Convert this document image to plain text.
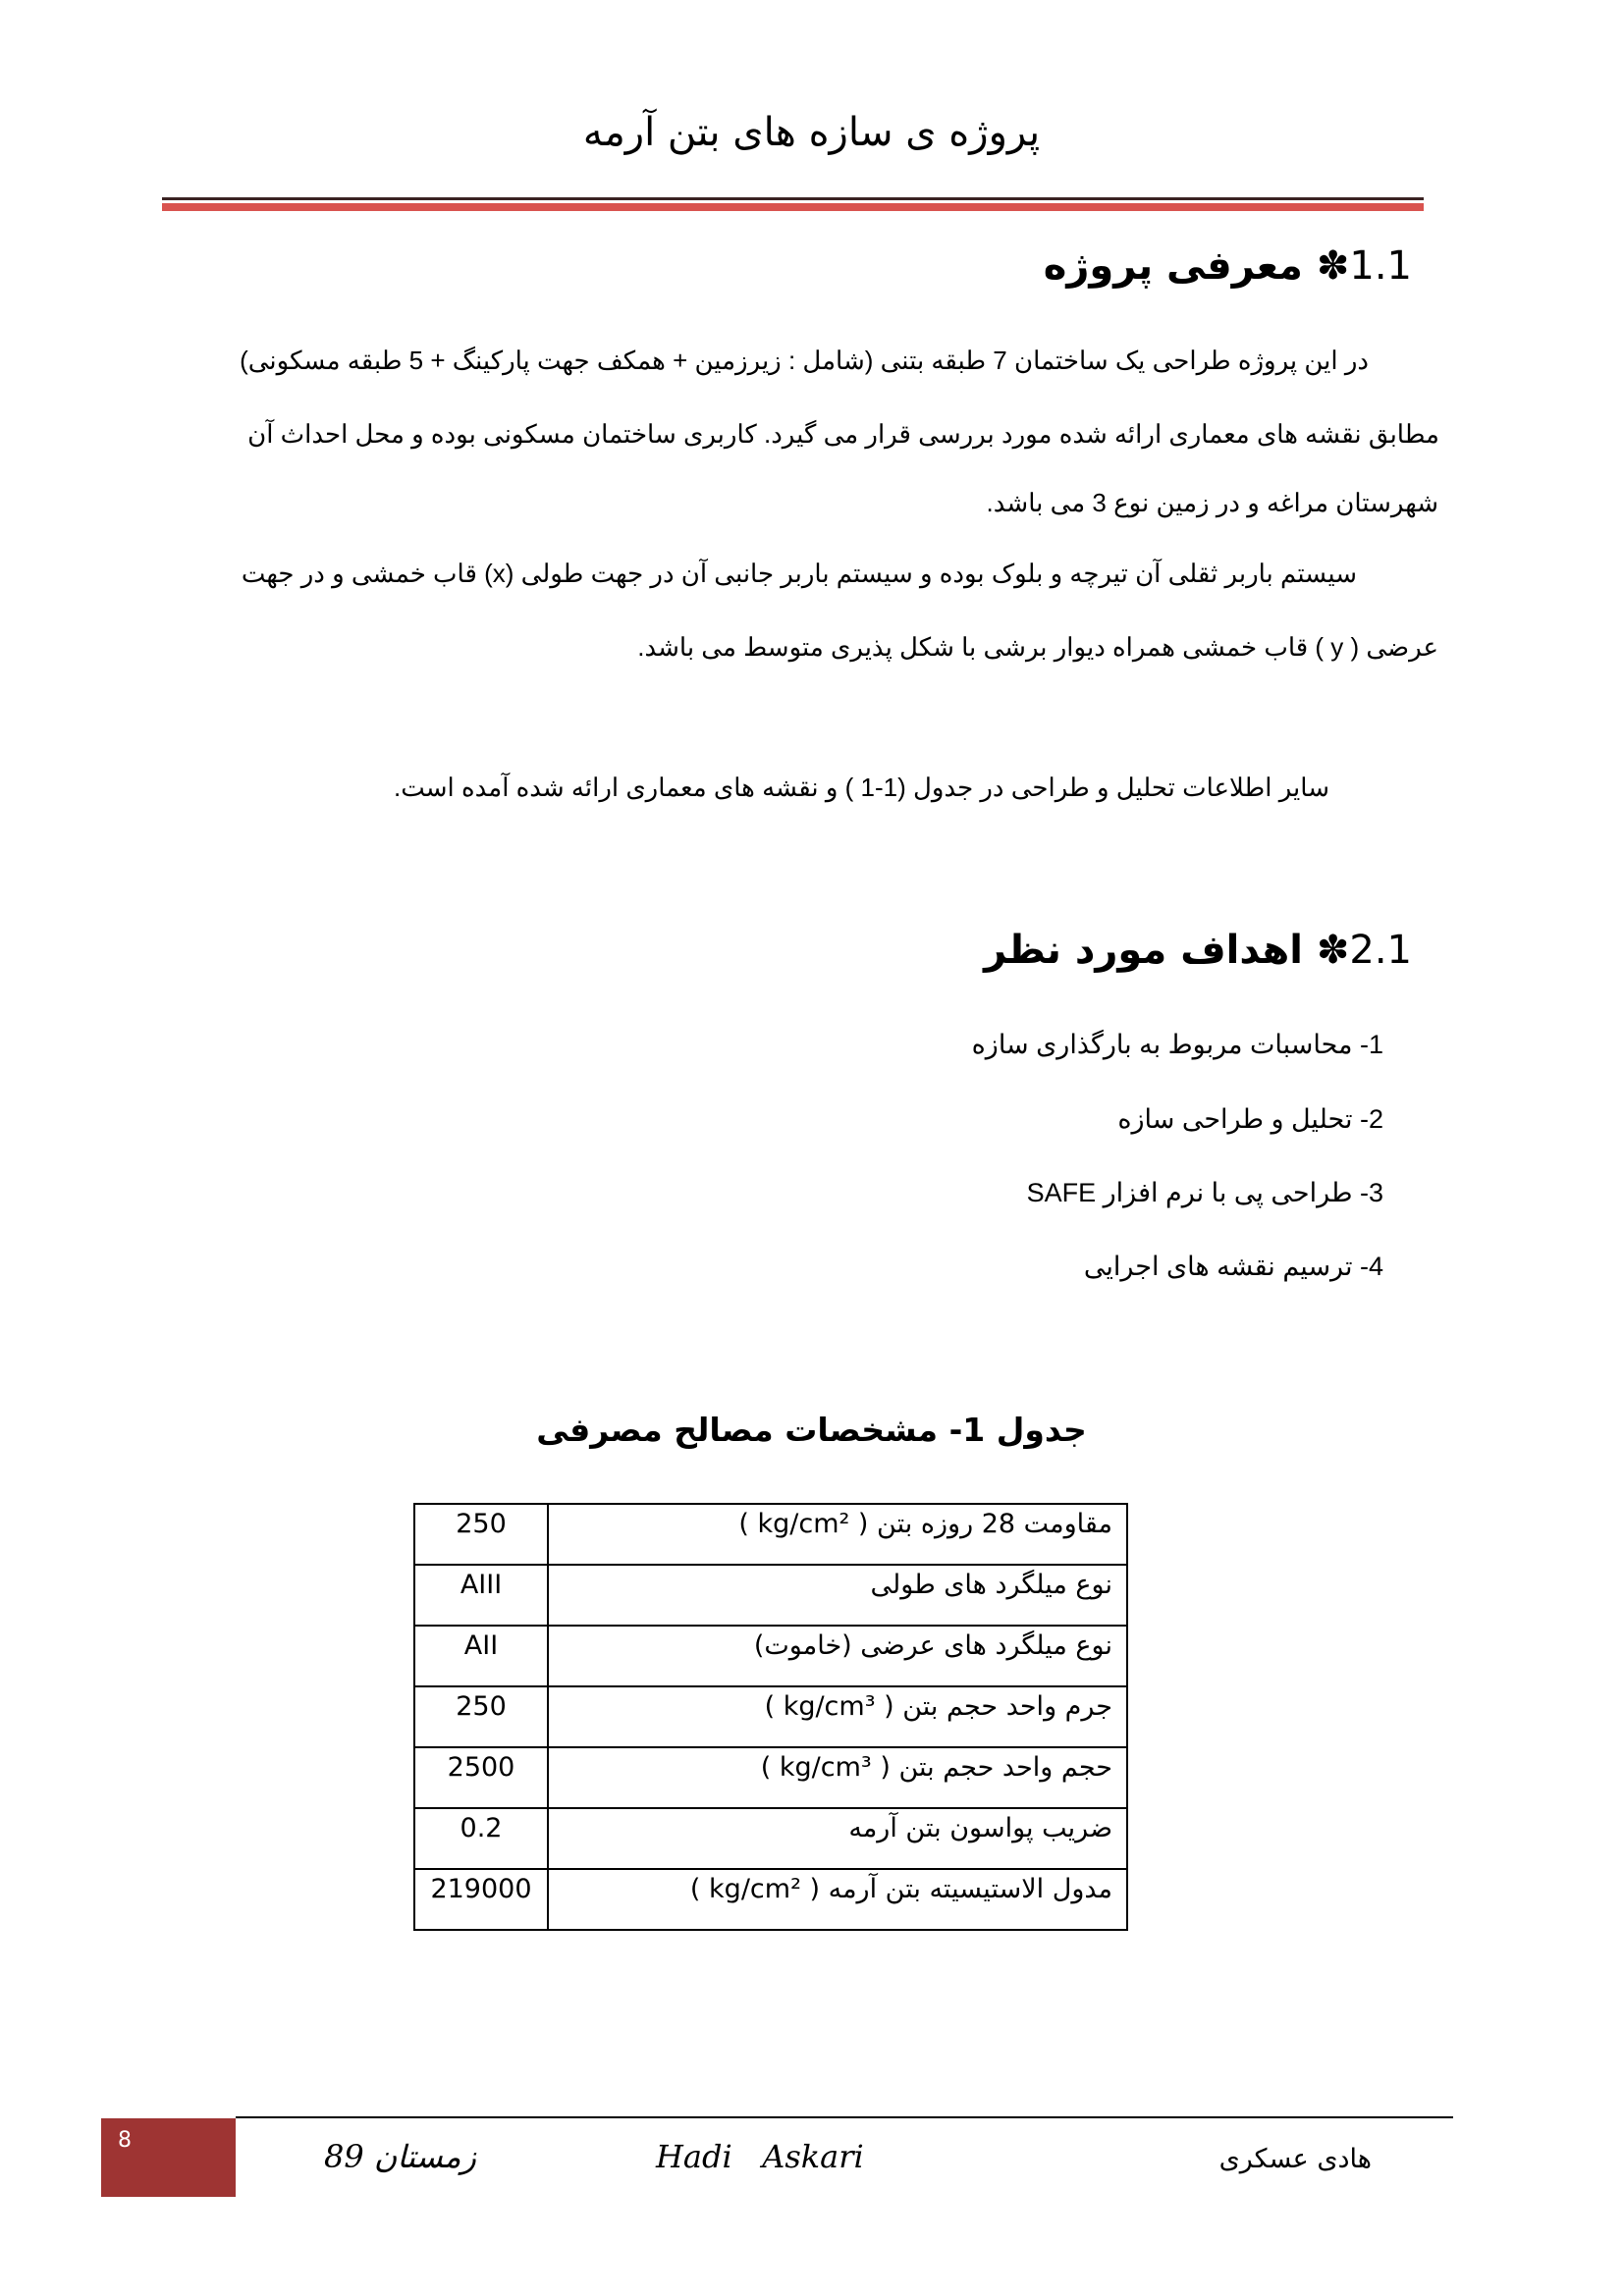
پروژه ی سازه های بتن آرمه
1.1✽ معرفی پروژه
در این پروژه طراحی یک ساختمان 7 طبقه بتنی (شامل : زیرزمین + همکف جهت پارکینگ + 5 طبقه مسکونی)
مطابق نقشه های معماری ارائه شده مورد بررسی قرار می گیرد. کاربری ساختمان مسکونی بوده و محل احداث آن
شهرستان مراغه و در زمین نوع 3 می باشد.
سیستم باربر ثقلی آن تیرچه و بلوک بوده و سیستم باربر جانبی آن در جهت طولی (x) قاب خمشی و در جهت
عرضی ( y ) قاب خمشی همراه دیوار برشی با شکل پذیری متوسط می باشد.
سایر اطلاعات تحلیل و طراحی در جدول (1-1 ) و نقشه های معماری ارائه شده آمده است.
2.1✽ اهداف مورد نظر
1- محاسبات مربوط به بارگذاری سازه
2- تحلیل و طراحی سازه
3- طراحی پی با نرم افزار SAFE
4- ترسیم نقشه های اجرایی
جدول 1- مشخصات مصالح مصرفی
مقاومت 28 روزه بتن ( kg/cm² )	250
نوع میلگرد های طولی	AIII
نوع میلگرد های عرضی (خاموت)	AII
جرم واحد حجم بتن ( kg/cm³ )	250
حجم واحد حجم بتن ( kg/cm³ )	2500
ضریب پواسون بتن آرمه	0.2
مدول الاستیسیته بتن آرمه ( kg/cm² )	219000
8	زمستان 89	Hadi   Askari	هادی عسکری
